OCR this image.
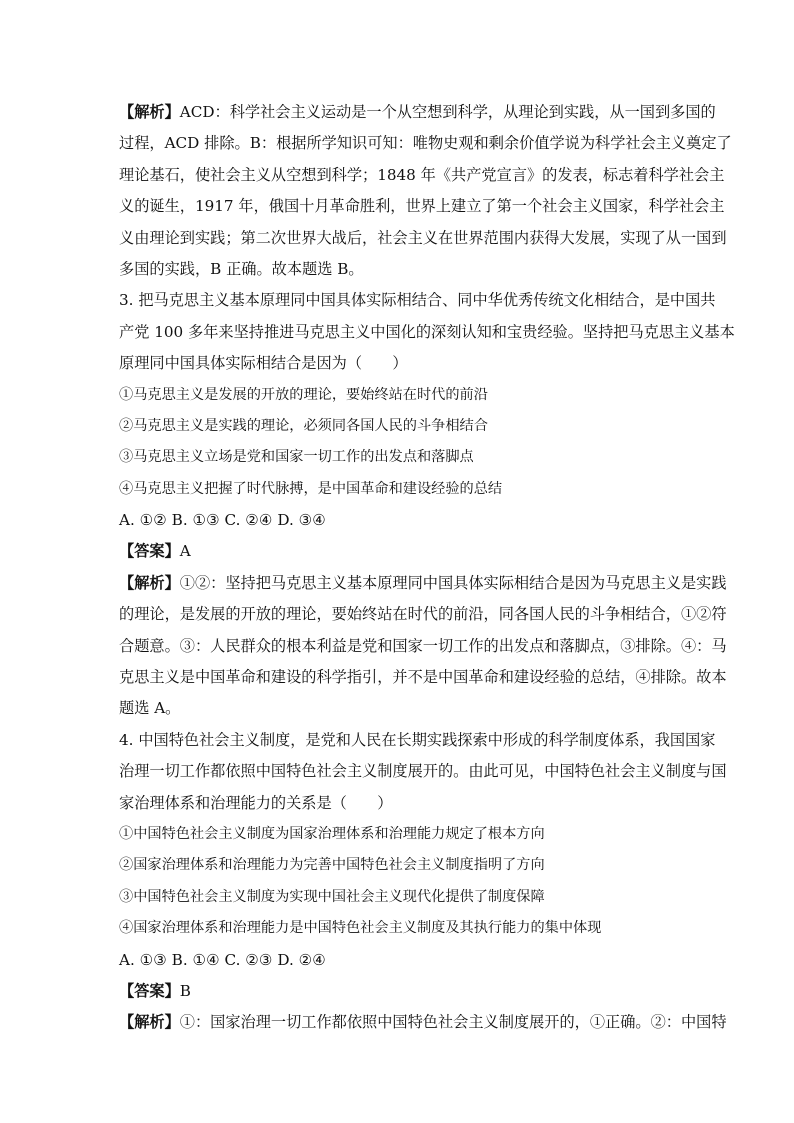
【解析】ACD：科学社会主义运动是一个从空想到科学，从理论到实践，从一国到多国的
过程，ACD 排除。B：根据所学知识可知：唯物史观和剩余价值学说为科学社会主义奠定了
理论基石，使社会主义从空想到科学；1848 年《共产党宣言》的发表，标志着科学社会主
义的诞生，1917 年，俄国十月革命胜利，世界上建立了第一个社会主义国家，科学社会主
义由理论到实践；第二次世界大战后，社会主义在世界范围内获得大发展，实现了从一国到
多国的实践，B 正确。故本题选 B。
3. 把马克思主义基本原理同中国具体实际相结合、同中华优秀传统文化相结合，是中国共
产党 100 多年来坚持推进马克思主义中国化的深刻认知和宝贵经验。坚持把马克思主义基本
原理同中国具体实际相结合是因为（　　）
①马克思主义是发展的开放的理论，要始终站在时代的前沿
②马克思主义是实践的理论，必须同各国人民的斗争相结合
③马克思主义立场是党和国家一切工作的出发点和落脚点
④马克思主义把握了时代脉搏，是中国革命和建设经验的总结
A. ①② B. ①③ C. ②④ D. ③④
【答案】A
【解析】①②：坚持把马克思主义基本原理同中国具体实际相结合是因为马克思主义是实践
的理论，是发展的开放的理论，要始终站在时代的前沿，同各国人民的斗争相结合，①②符
合题意。③：人民群众的根本利益是党和国家一切工作的出发点和落脚点，③排除。④：马
克思主义是中国革命和建设的科学指引，并不是中国革命和建设经验的总结，④排除。故本
题选 A。
4. 中国特色社会主义制度，是党和人民在长期实践探索中形成的科学制度体系，我国国家
治理一切工作都依照中国特色社会主义制度展开的。由此可见，中国特色社会主义制度与国
家治理体系和治理能力的关系是（　　）
①中国特色社会主义制度为国家治理体系和治理能力规定了根本方向
②国家治理体系和治理能力为完善中国特色社会主义制度指明了方向
③中国特色社会主义制度为实现中国社会主义现代化提供了制度保障
④国家治理体系和治理能力是中国特色社会主义制度及其执行能力的集中体现
A. ①③ B. ①④ C. ②③ D. ②④
【答案】B
【解析】①：国家治理一切工作都依照中国特色社会主义制度展开的，①正确。②：中国特
